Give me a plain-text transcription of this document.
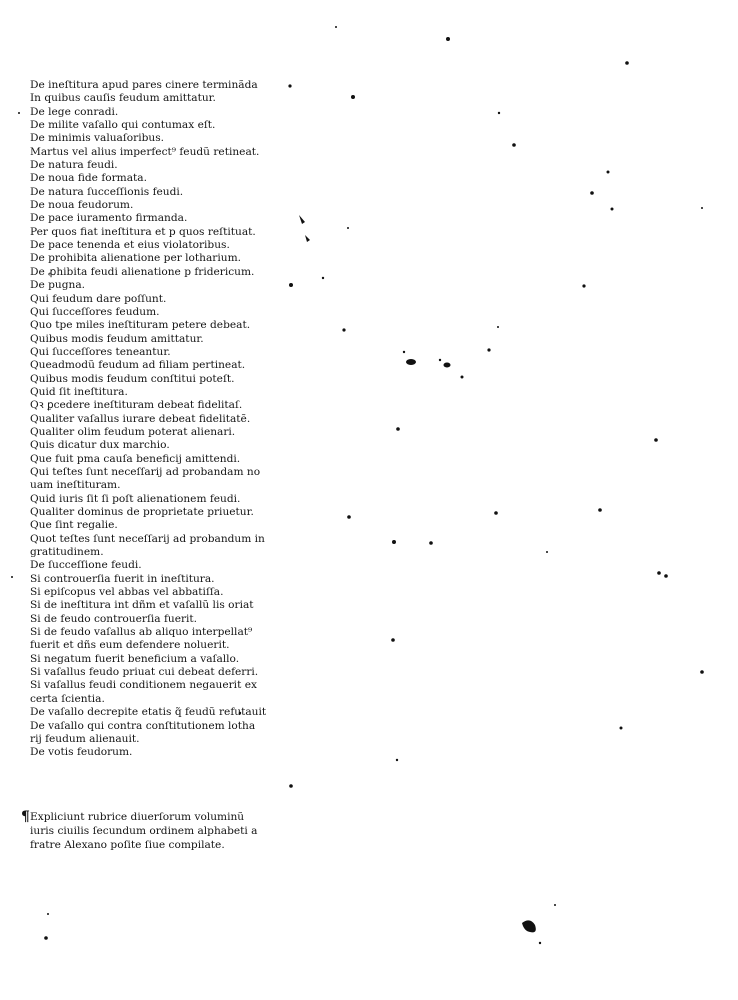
De ineſtitura apud pares cinere terminãda
In quibus cauſis feudum amittatur.
De lege conradi.
De milite vaſallo qui contumax eſt.
De minimis valuaſoribus.
Martus vel alius imperfect⁹ feudũ retineat.
De natura feudi.
De noua fide formata.
De natura ſucceſſionis feudi.
De noua feudorum.
De pace iuramento firmanda.
Per quos fiat ineſtitura et p quos reſtituat.
De pace tenenda et eius violatoribus.
De prohibita alienatione per lotharium.
De ꝓhibita feudi alienatione p fridericum.
De pugna.
Qui feudum dare poſſunt.
Qui ſucceſſores feudum.
Quo tpe miles ineſtituram petere debeat.
Quibus modis feudum amittatur.
Qui ſucceſſores teneantur.
Queadmodũ feudum ad filiam pertineat.
Quibus modis feudum conſtitui poteſt.
Quid ſit ineſtitura.
Qꝛ ꝑcedere ineſtituram debeat fidelitaſ.
Qualiter vaſallus iurare debeat fidelitatẽ.
Qualiter olim feudum poterat alienari.
Quis dicatur dux marchio.
Que fuit pma cauſa beneficij amittendi.
Qui teſtes ſunt neceſſarij ad probandam no
uam ineſtituram.
Quid iuris ſit ſi poſt alienationem feudi.
Qualiter dominus de proprietate priuetur.
Que ſint regalie.
Quot teſtes ſunt neceſſarij ad probandum in
gratitudinem.
De ſucceſſione feudi.
Si controuerſia fuerit in ineſtitura.
Si epiſcopus vel abbas vel abbatiſſa.
Si de ineſtitura int dñm et vaſallũ lis oriat
Si de feudo controuerſia fuerit.
Si de feudo vaſallus ab aliquo interpellat⁹
fuerit et dñs eum defendere noluerit.
Si negatum fuerit beneficium a vaſallo.
Si vaſallus feudo priuat cui debeat deferri.
Si vaſallus feudi conditionem negauerit ex
certa ſcientia.
De vaſallo decrepite etatis q̃ feudũ refutauit
De vaſallo qui contra conſtitutionem lotha
rij feudum alienauit.
De votis feudorum.
¶ Expliciunt rubrice diuerſorum voluminũ
iuris ciuilis ſecundum ordinem alphabeti a
fratre Alexano poſite ſiue compilate.
